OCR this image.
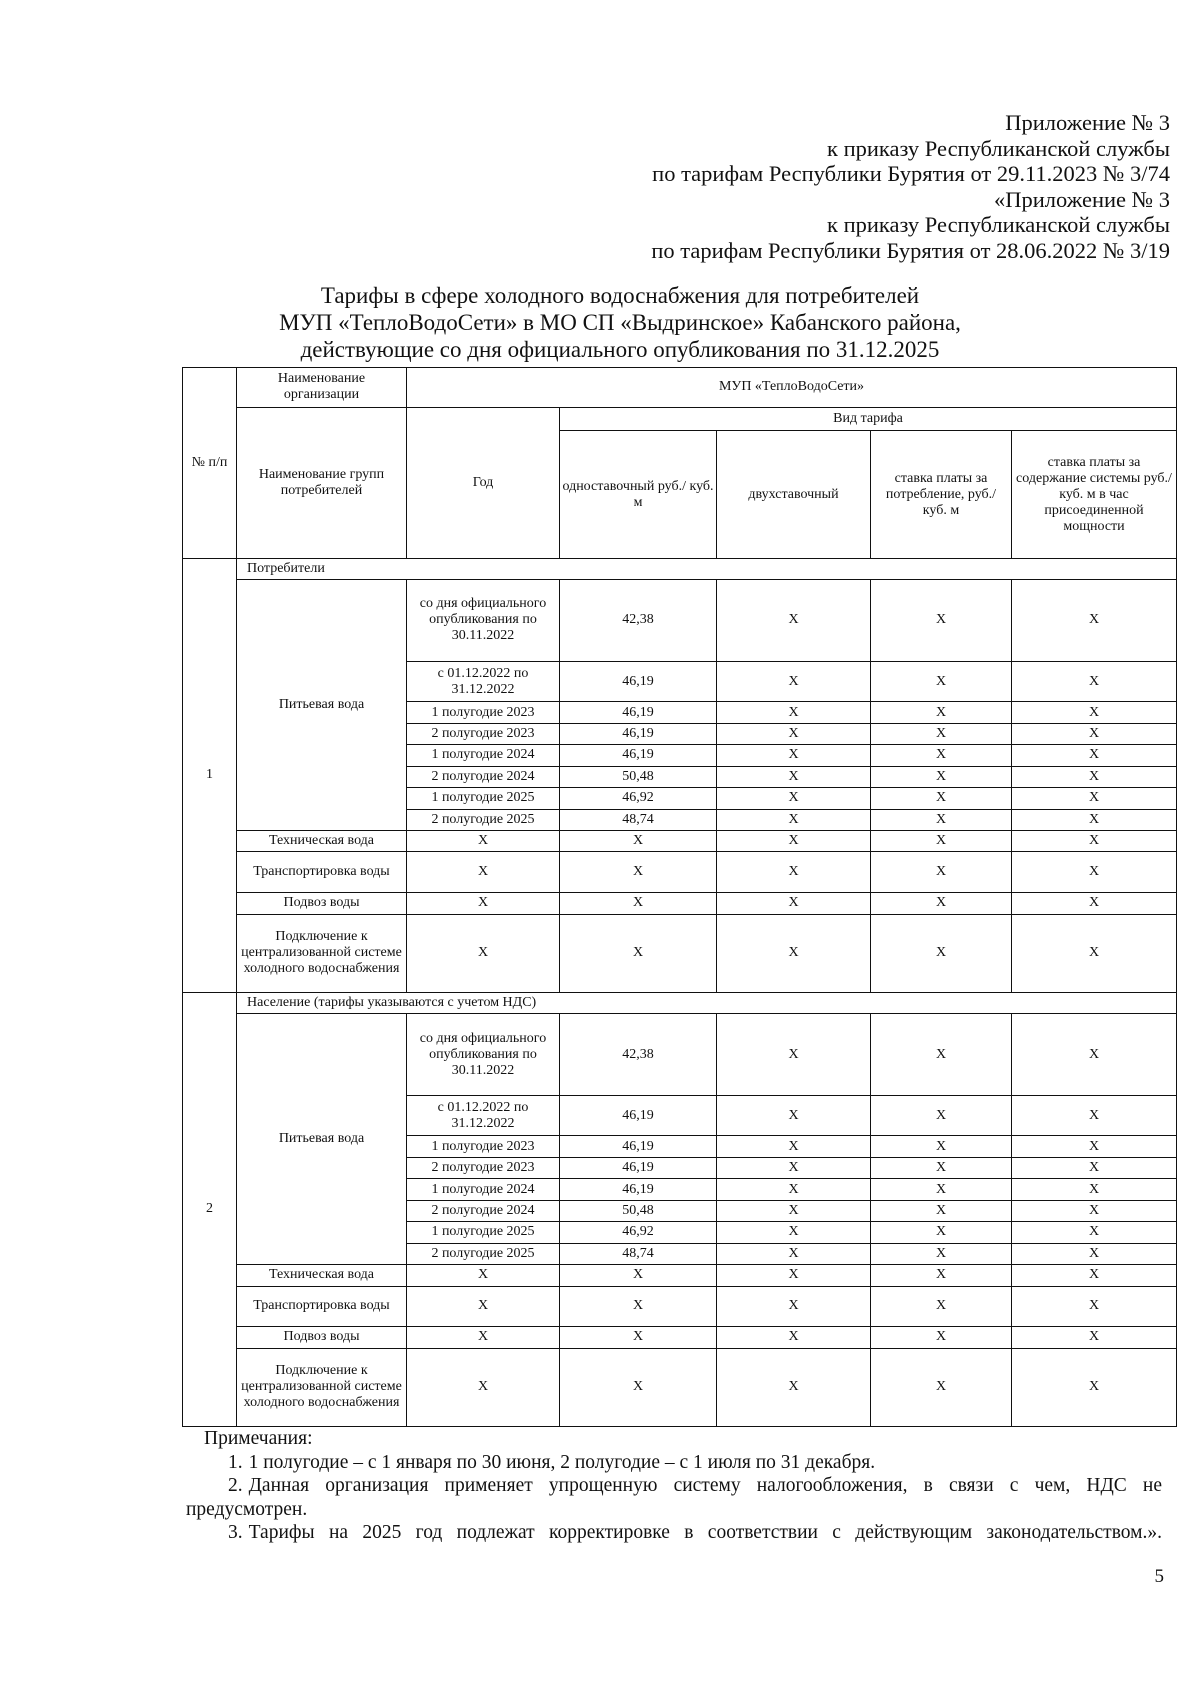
Приложение № 3
к приказу Республиканской службы
по тарифам Республики Бурятия от 29.11.2023 № 3/74
«Приложение № 3
к приказу Республиканской службы
по тарифам Республики Бурятия от 28.06.2022 № 3/19
Тарифы в сфере холодного водоснабжения для потребителей
МУП «ТеплоВодоСети» в МО СП «Выдринское» Кабанского района,
действующие со дня официального опубликования по 31.12.2025
№ п/п	Наименование организации	МУП «ТеплоВодоСети»				
	Наименование групп потребителей	Год	Вид тарифа			
			одноставочный руб./ куб. м	двухставочный	ставка платы за потребление, руб./ куб. м	ставка платы за содержание системы руб./куб. м в час присоединенной мощности
1	Потребители					
	Питьевая вода	со дня официального опубликования по 30.11.2022	42,38	Х	Х	Х
		с 01.12.2022 по 31.12.2022	46,19	Х	Х	Х
		1 полугодие 2023	46,19	Х	Х	Х
		2 полугодие 2023	46,19	Х	Х	Х
		1 полугодие 2024	46,19	Х	Х	Х
		2 полугодие 2024	50,48	Х	Х	Х
		1 полугодие 2025	46,92	Х	Х	Х
		2 полугодие 2025	48,74	Х	Х	Х
	Техническая вода	Х	Х	Х	Х	Х
	Транспортировка воды	Х	Х	Х	Х	Х
	Подвоз воды	Х	Х	Х	Х	Х
	Подключение к централизованной системе холодного водоснабжения	Х	Х	Х	Х	Х
2	Население (тарифы указываются с учетом НДС)					
	Питьевая вода	со дня официального опубликования по 30.11.2022	42,38	Х	Х	Х
		с 01.12.2022 по 31.12.2022	46,19	Х	Х	Х
		1 полугодие 2023	46,19	Х	Х	Х
		2 полугодие 2023	46,19	Х	Х	Х
		1 полугодие 2024	46,19	Х	Х	Х
		2 полугодие 2024	50,48	Х	Х	Х
		1 полугодие 2025	46,92	Х	Х	Х
		2 полугодие 2025	48,74	Х	Х	Х
	Техническая вода	Х	Х	Х	Х	Х
	Транспортировка воды	Х	Х	Х	Х	Х
	Подвоз воды	Х	Х	Х	Х	Х
	Подключение к централизованной системе холодного водоснабжения	Х	Х	Х	Х	Х
Примечания:
1. 1 полугодие – с 1 января по 30 июня, 2 полугодие – с 1 июля по 31 декабря.
2. Данная организация применяет упрощенную систему налогообложения, в связи с чем, НДС не предусмотрен.
3. Тарифы на 2025 год подлежат корректировке в соответствии с действующим законодательством.».
5
